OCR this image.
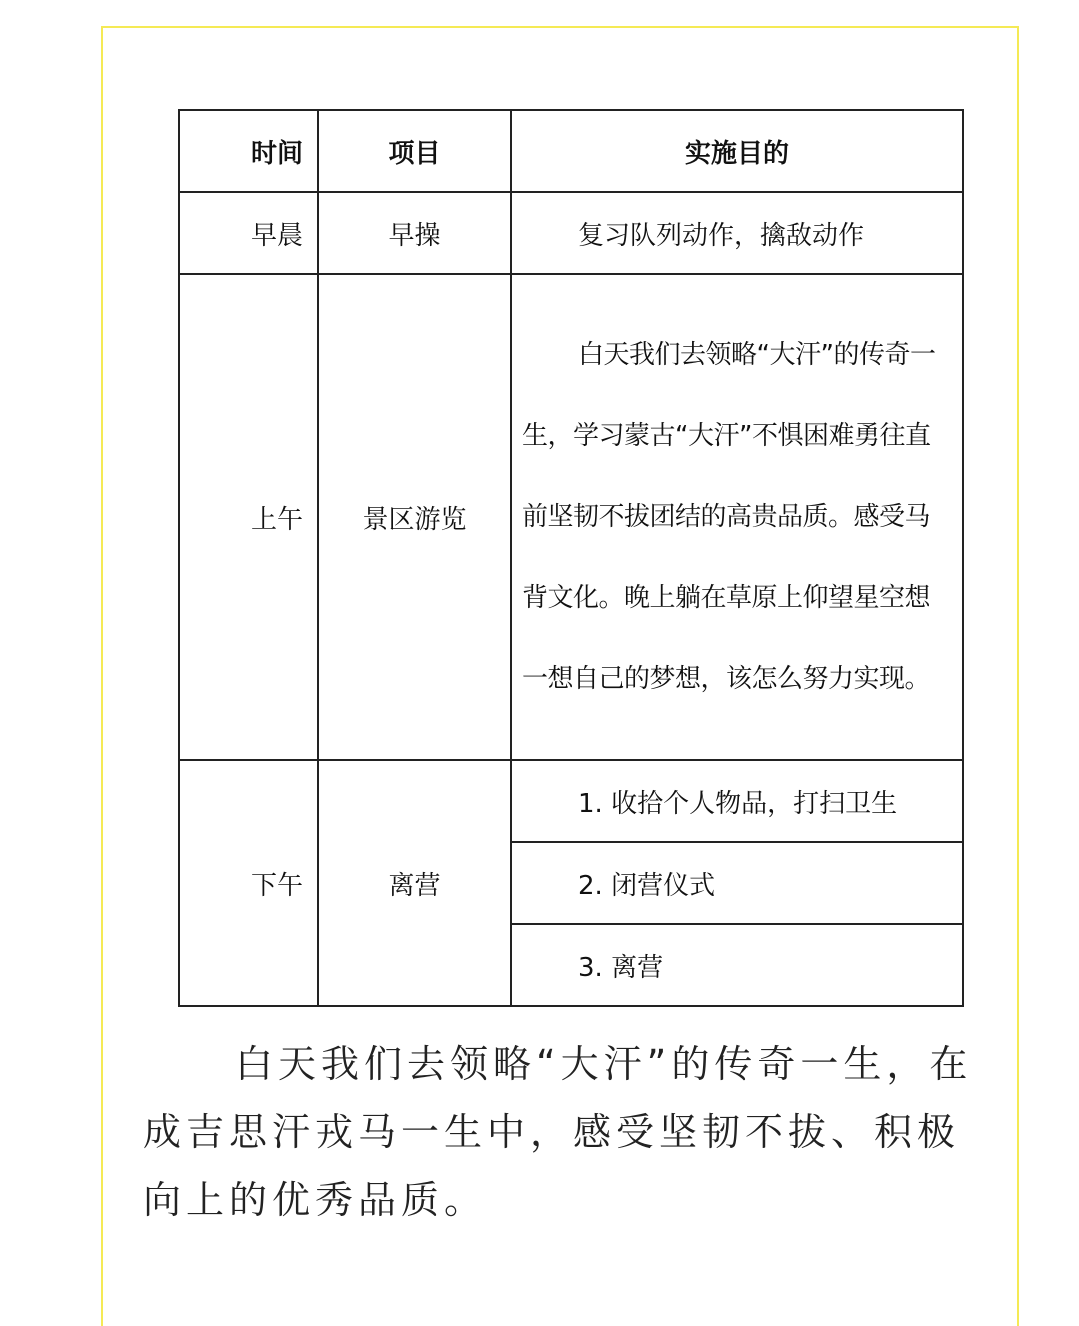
时间	项目	实施目的
早晨	早操	复习队列动作，擒敌动作
上午	景区游览	白天我们去领略“大汗”的传奇一生，学习蒙古“大汗”不惧困难勇往直前坚韧不拔团结的高贵品质。感受马背文化。晚上躺在草原上仰望星空想一想自己的梦想，该怎么努力实现。
下午	离营	1. 收拾个人物品，打扫卫生
		2. 闭营仪式
		3. 离营
白天我们去领略“大汗”的传奇一生，在成吉思汗戎马一生中，感受坚韧不拔、积极向上的优秀品质。
